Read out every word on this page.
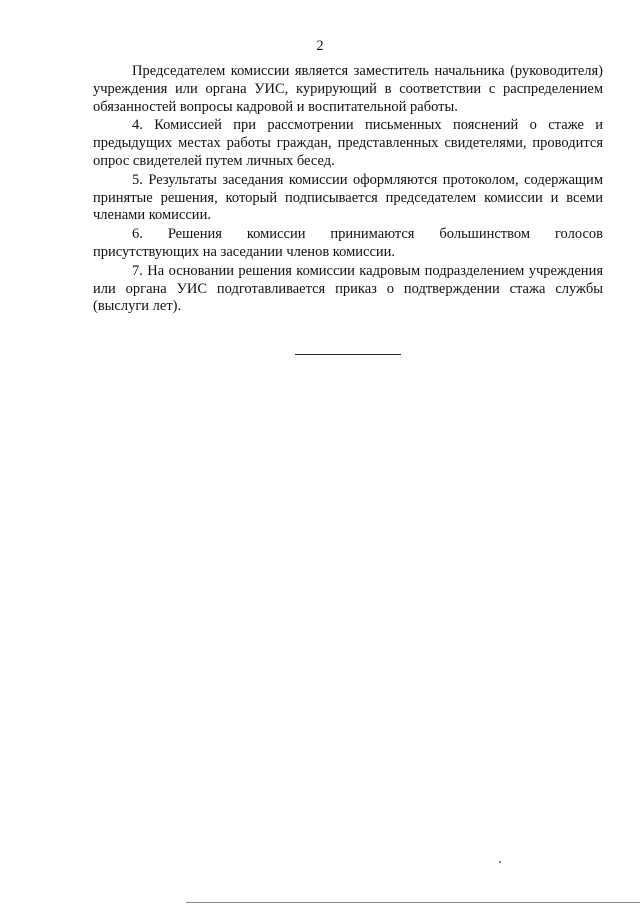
2

Председателем комиссии является заместитель начальника (руководителя) учреждения или органа УИС, курирующий в соответствии с распределением обязанностей вопросы кадровой и воспитательной работы.

4. Комиссией при рассмотрении письменных пояснений о стаже и предыдущих местах работы граждан, представленных свидетелями, проводится опрос свидетелей путем личных бесед.

5. Результаты заседания комиссии оформляются протоколом, содержащим принятые решения, который подписывается председателем комиссии и всеми членами комиссии.

6. Решения комиссии принимаются большинством голосов присутствующих на заседании членов комиссии.

7. На основании решения комиссии кадровым подразделением учреждения или органа УИС подготавливается приказ о подтверждении стажа службы (выслуги лет).
